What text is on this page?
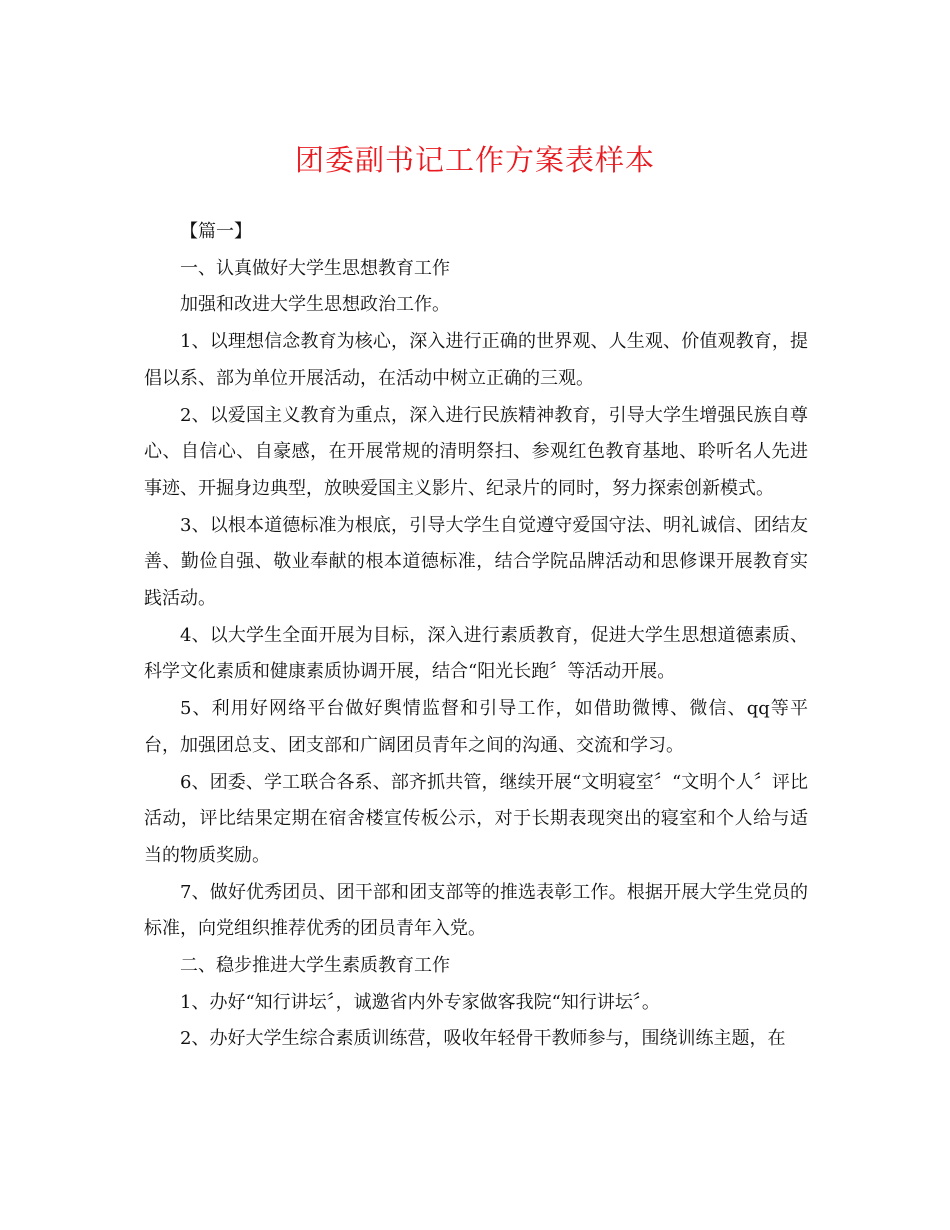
团委副书记工作方案表样本

【篇一】

一、认真做好大学生思想教育工作

加强和改进大学生思想政治工作。

1、以理想信念教育为核心，深入进行正确的世界观、人生观、价值观教育，提倡以系、部为单位开展活动，在活动中树立正确的三观。

2、以爱国主义教育为重点，深入进行民族精神教育，引导大学生增强民族自尊心、自信心、自豪感，在开展常规的清明祭扫、参观红色教育基地、聆听名人先进事迹、开掘身边典型，放映爱国主义影片、纪录片的同时，努力探索创新模式。

3、以根本道德标准为根底，引导大学生自觉遵守爱国守法、明礼诚信、团结友善、勤俭自强、敬业奉献的根本道德标准，结合学院品牌活动和思修课开展教育实践活动。

4、以大学生全面开展为目标，深入进行素质教育，促进大学生思想道德素质、科学文化素质和健康素质协调开展，结合“阳光长跑〞等活动开展。

5、利用好网络平台做好舆情监督和引导工作，如借助微博、微信、qq等平台，加强团总支、团支部和广阔团员青年之间的沟通、交流和学习。

6、团委、学工联合各系、部齐抓共管，继续开展“文明寝室〞“文明个人〞评比活动，评比结果定期在宿舍楼宣传板公示，对于长期表现突出的寝室和个人给与适当的物质奖励。

7、做好优秀团员、团干部和团支部等的推选表彰工作。根据开展大学生党员的标准，向党组织推荐优秀的团员青年入党。

二、稳步推进大学生素质教育工作

1、办好“知行讲坛〞，诚邀省内外专家做客我院“知行讲坛〞。

2、办好大学生综合素质训练营，吸收年轻骨干教师参与，围绕训练主题，在
